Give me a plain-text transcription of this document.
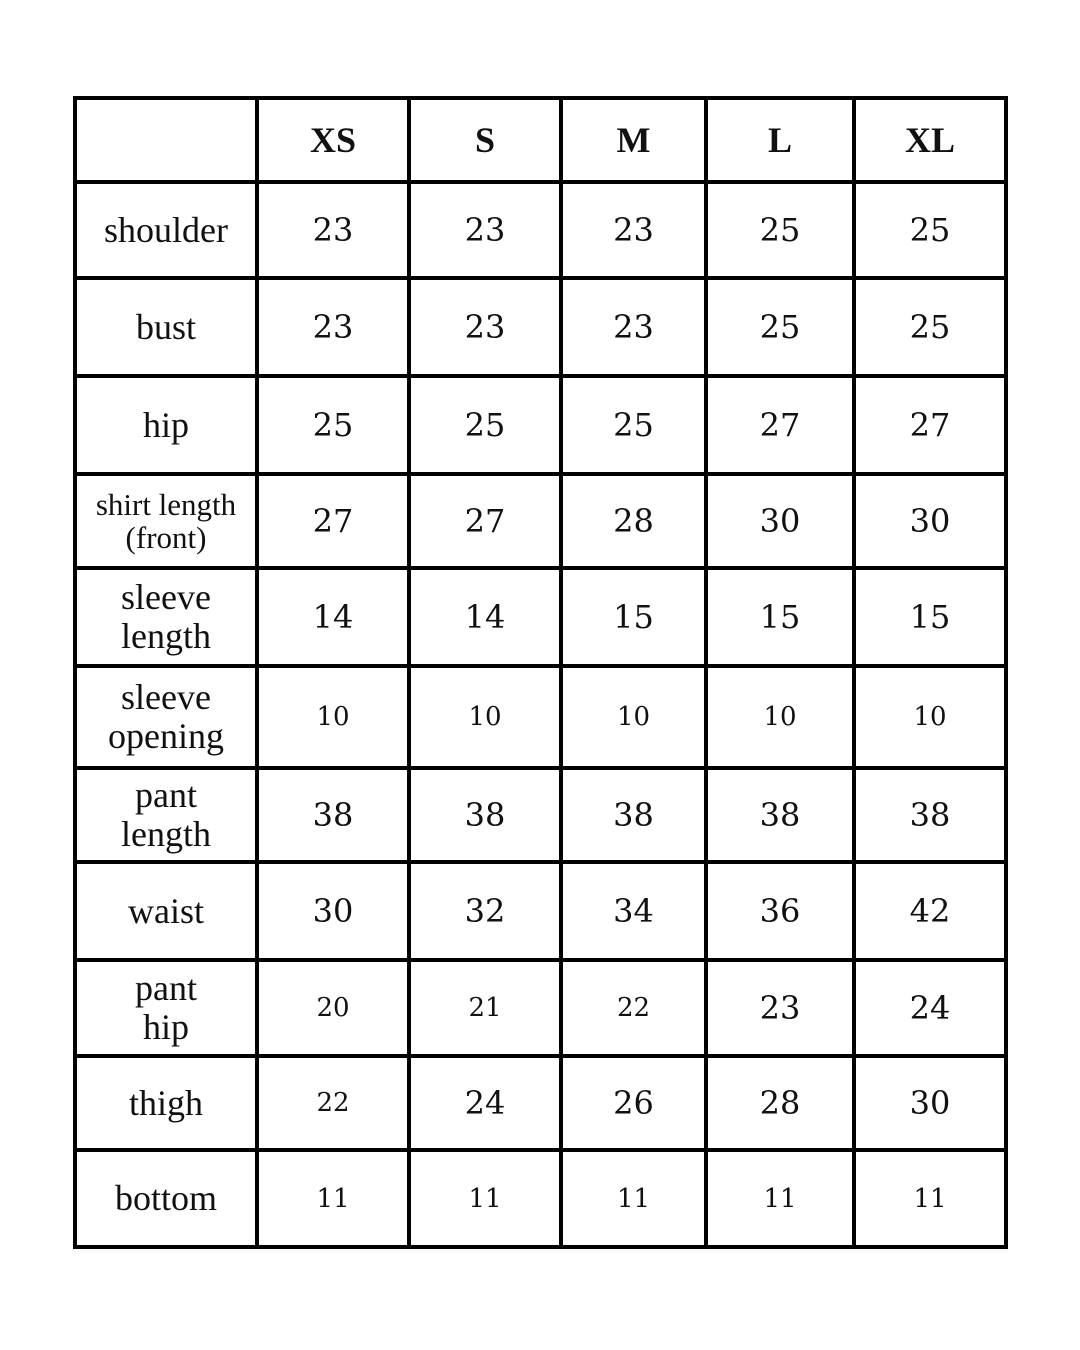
	XS	S	M	L	XL
shoulder	23	23	23	25	25
bust	23	23	23	25	25
hip	25	25	25	27	27
shirt length
(front)	27	27	28	30	30
sleeve
length	14	14	15	15	15
sleeve
opening	10	10	10	10	10
pant
length	38	38	38	38	38
waist	30	32	34	36	42
pant
hip	20	21	22	23	24
thigh	22	24	26	28	30
bottom	11	11	11	11	11
